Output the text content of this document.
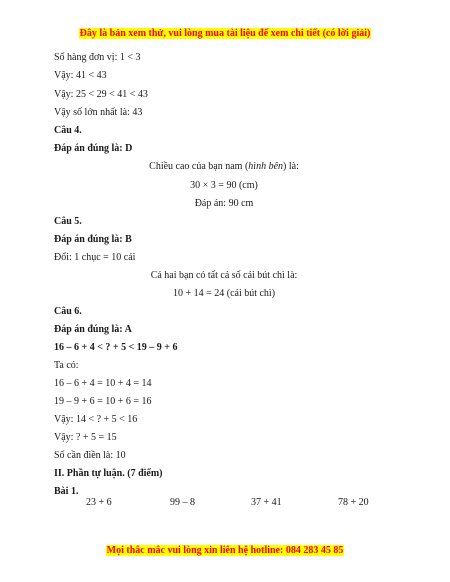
Đây là bản xem thử, vui lòng mua tài liệu để xem chi tiết (có lời giải)
Số hàng đơn vị: 1 < 3
Vậy: 41 < 43
Vậy: 25 < 29 < 41 < 43
Vậy số lớn nhất là: 43
Câu 4.
Đáp án đúng là: D
Chiều cao của bạn nam (hình bên) là:
30 × 3 = 90 (cm)
Đáp án: 90 cm
Câu 5.
Đáp án đúng là: B
Đổi: 1 chục = 10 cái
Cả hai bạn có tất cả số cái bút chì là:
10 + 14 = 24 (cái bút chì)
Câu 6.
Đáp án đúng là: A
16 – 6 + 4 < ? + 5 < 19 – 9 + 6
Ta có:
16 – 6 + 4 = 10 + 4 = 14
19 – 9 + 6 = 10 + 6 = 16
Vậy: 14 < ? + 5 < 16
Vậy: ? + 5 = 15
Số cần điền là: 10
II. Phần tự luận. (7 điểm)
Bài 1.
23 + 6	99 – 8	37 + 41	78 + 20
Mọi thắc mắc vui lòng xin liên hệ hotline: 084 283 45 85
